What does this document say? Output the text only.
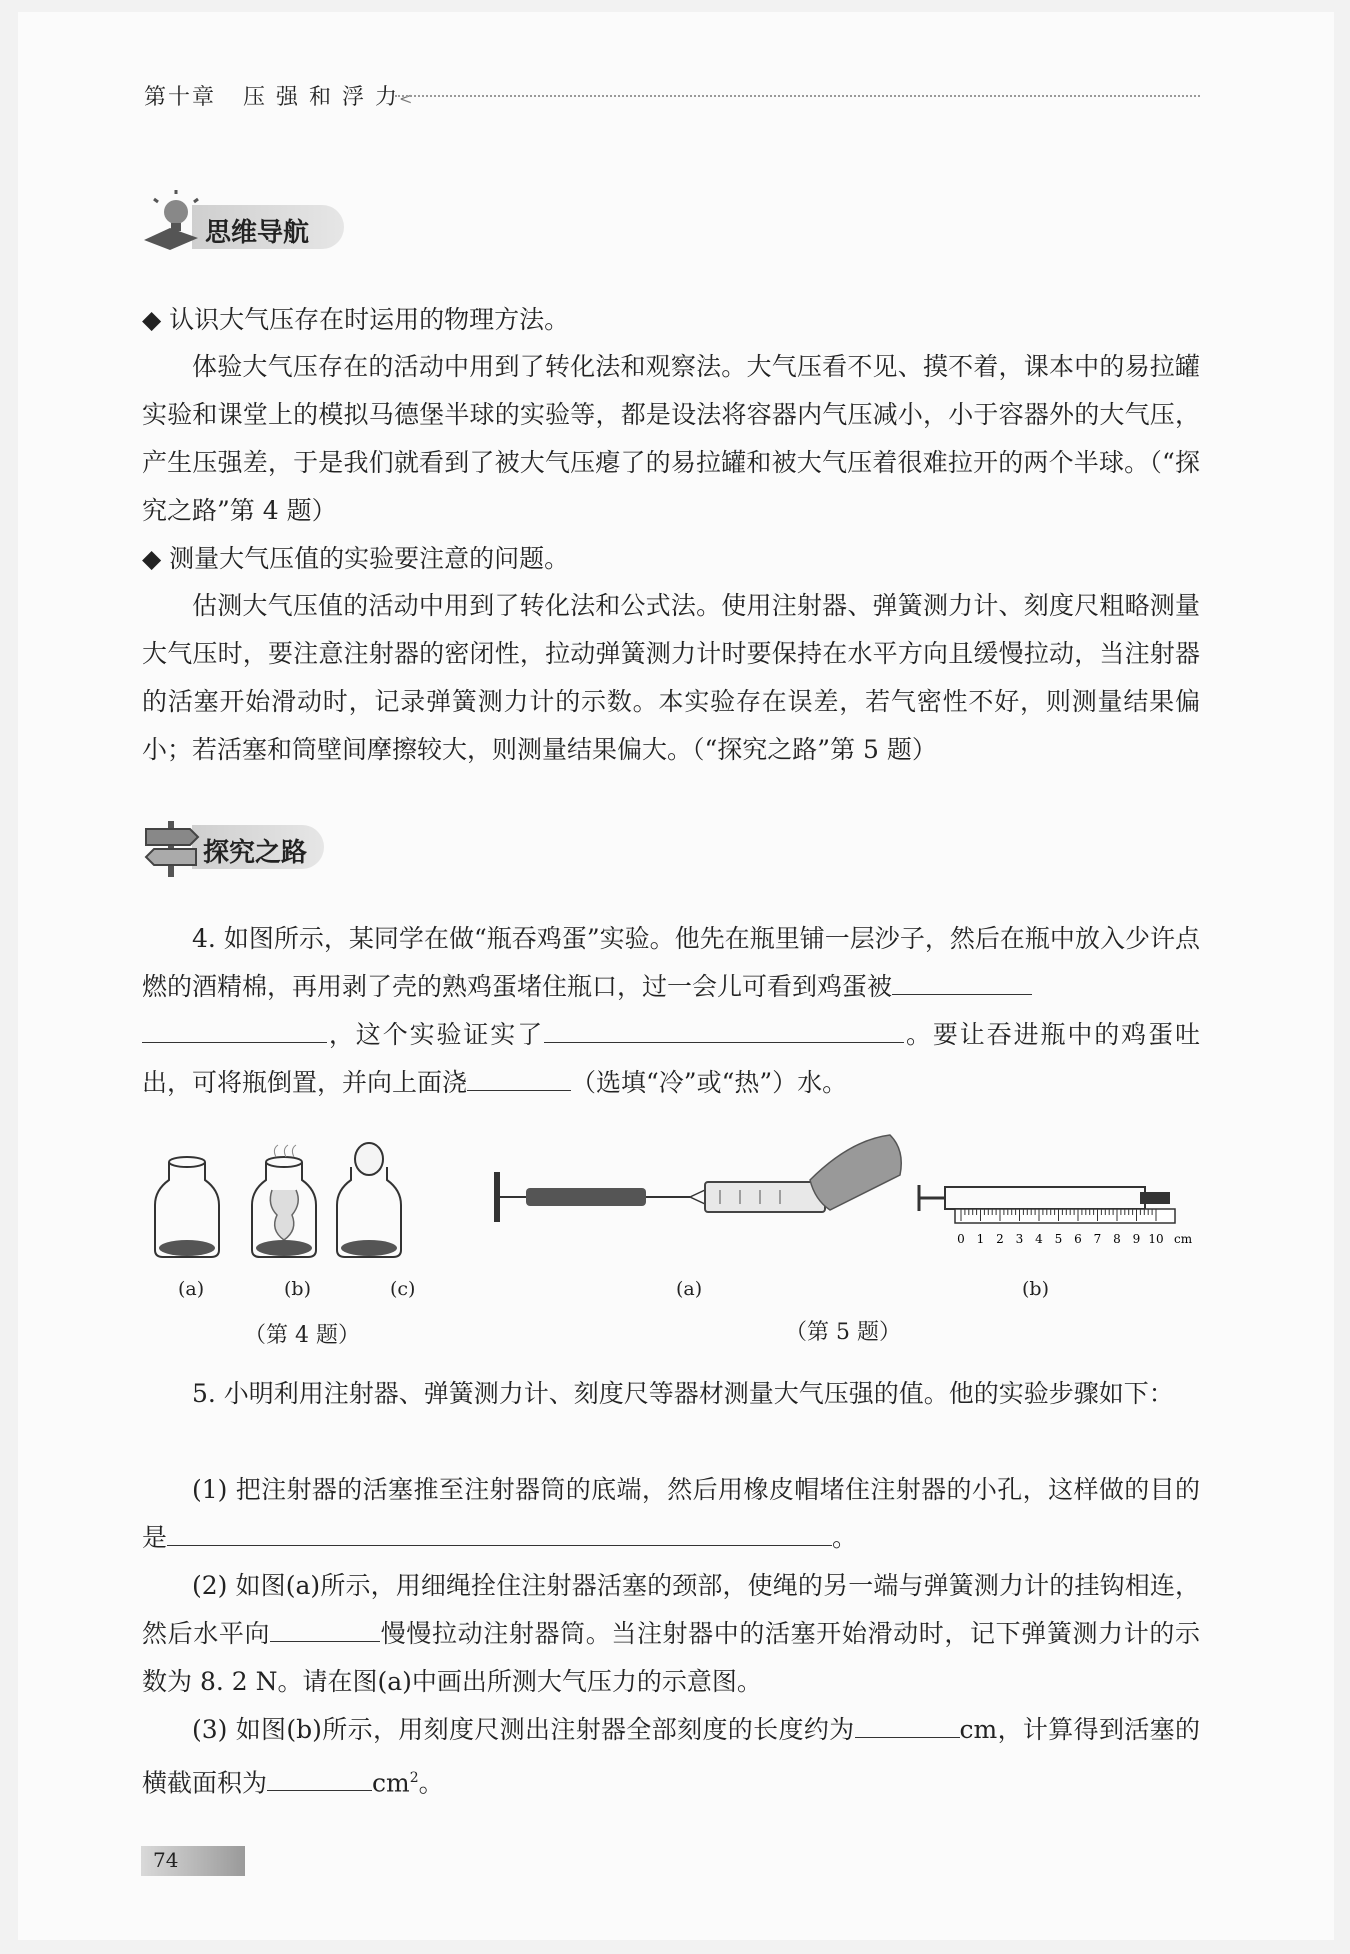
第十章 压 强 和 浮 力<
思维导航
◆ 认识大气压存在时运用的物理方法。
体验大气压存在的活动中用到了转化法和观察法。大气压看不见、摸不着，课本中的易拉罐实验和课堂上的模拟马德堡半球的实验等，都是设法将容器内气压减小，小于容器外的大气压，产生压强差，于是我们就看到了被大气压瘪了的易拉罐和被大气压着很难拉开的两个半球。（“探究之路”第 4 题）
◆ 测量大气压值的实验要注意的问题。
估测大气压值的活动中用到了转化法和公式法。使用注射器、弹簧测力计、刻度尺粗略测量大气压时，要注意注射器的密闭性，拉动弹簧测力计时要保持在水平方向且缓慢拉动，当注射器的活塞开始滑动时，记录弹簧测力计的示数。本实验存在误差，若气密性不好，则测量结果偏小；若活塞和筒壁间摩擦较大，则测量结果偏大。（“探究之路”第 5 题）
探究之路
4. 如图所示，某同学在做“瓶吞鸡蛋”实验。他先在瓶里铺一层沙子，然后在瓶中放入少许点燃的酒精棉，再用剥了壳的熟鸡蛋堵住瓶口，过一会儿可看到鸡蛋被
，这个实验证实了	。要让吞进瓶中的鸡蛋吐出，可将瓶倒置，并向上面浇	（选填“冷”或“热”）水。
(a)	(b)	(c)
（第 4 题）
(a)
0 1 2 3 4 5 6 7 8 9 10 cm
(b)
（第 5 题）
5. 小明利用注射器、弹簧测力计、刻度尺等器材测量大气压强的值。他的实验步骤如下：
(1) 把注射器的活塞推至注射器筒的底端，然后用橡皮帽堵住注射器的小孔，这样做的目的是	。
(2) 如图(a)所示，用细绳拴住注射器活塞的颈部，使绳的另一端与弹簧测力计的挂钩相连，然后水平向	慢慢拉动注射器筒。当注射器中的活塞开始滑动时，记下弹簧测力计的示数为 8. 2 N。请在图(a)中画出所测大气压力的示意图。
(3) 如图(b)所示，用刻度尺测出注射器全部刻度的长度约为	cm，计算得到活塞的横截面积为	$cm^2$。
74
